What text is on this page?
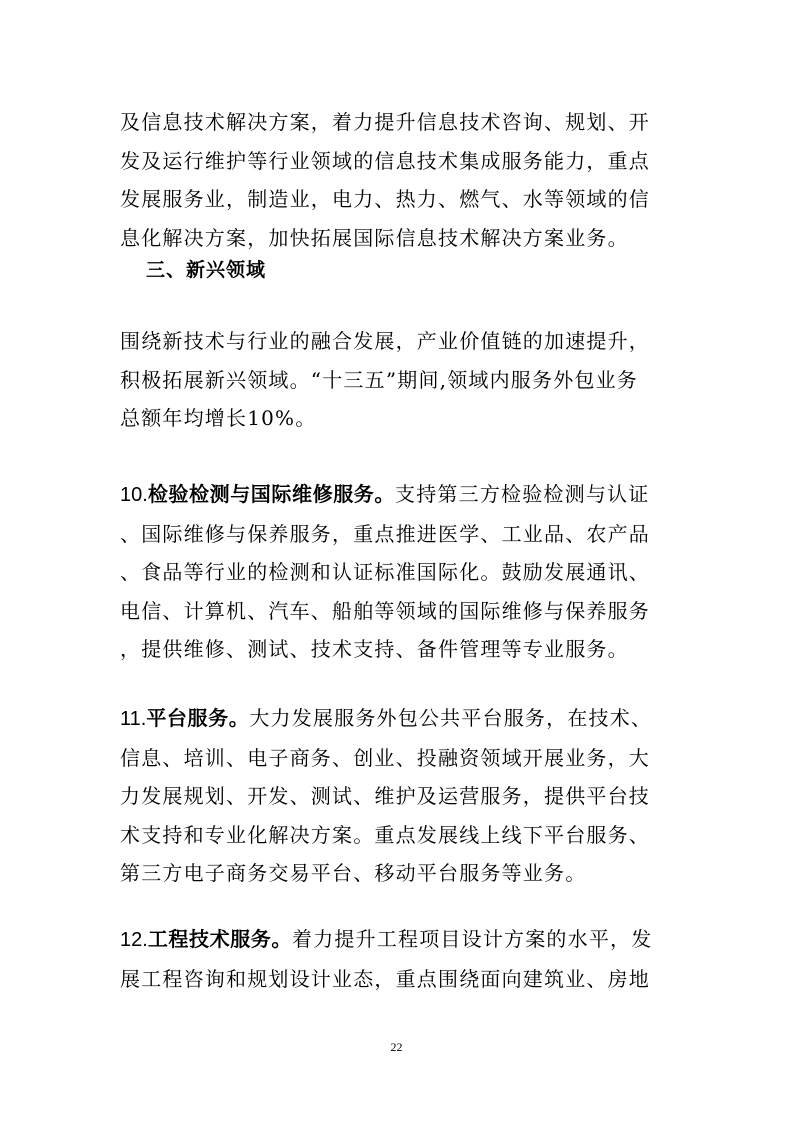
及信息技术解决方案，着力提升信息技术咨询、规划、开
发及运行维护等行业领域的信息技术集成服务能力，重点
发展服务业，制造业，电力、热力、燃气、水等领域的信
息化解决方案，加快拓展国际信息技术解决方案业务。
三、新兴领域
围绕新技术与行业的融合发展，产业价值链的加速提升，
积极拓展新兴领域。“十三五”期间,领域内服务外包业务
总额年均增长10%。
10.检验检测与国际维修服务。支持第三方检验检测与认证
、国际维修与保养服务，重点推进医学、工业品、农产品
、食品等行业的检测和认证标准国际化。鼓励发展通讯、
电信、计算机、汽车、船舶等领域的国际维修与保养服务
，提供维修、测试、技术支持、备件管理等专业服务。
11.平台服务。大力发展服务外包公共平台服务，在技术、
信息、培训、电子商务、创业、投融资领域开展业务，大
力发展规划、开发、测试、维护及运营服务，提供平台技
术支持和专业化解决方案。重点发展线上线下平台服务、
第三方电子商务交易平台、移动平台服务等业务。
12.工程技术服务。着力提升工程项目设计方案的水平，发
展工程咨询和规划设计业态，重点围绕面向建筑业、房地
22
